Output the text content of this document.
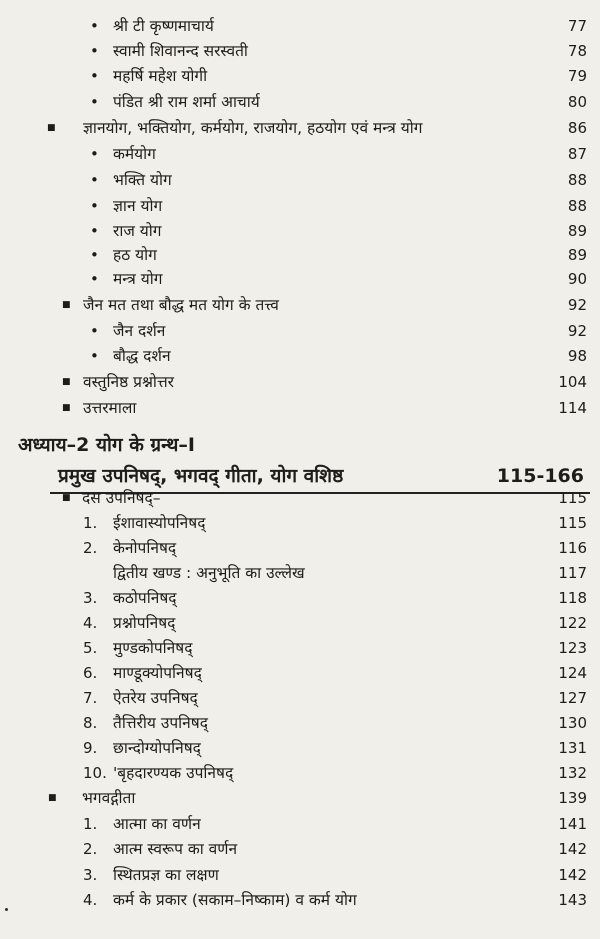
• श्री टी कृष्णमाचार्य	77
• स्वामी शिवानन्द सरस्वती	78
• महर्षि महेश योगी	79
• पंडित श्री राम शर्मा आचार्य	80
■ ज्ञानयोग, भक्तियोग, कर्मयोग, राजयोग, हठयोग एवं मन्त्र योग	86
• कर्मयोग	87
• भक्ति योग	88
• ज्ञान योग	88
• राज योग	89
• हठ योग	89
• मन्त्र योग	90
■ जैन मत तथा बौद्ध मत योग के तत्त्व	92
• जैन दर्शन	92
• बौद्ध दर्शन	98
■ वस्तुनिष्ठ प्रश्नोत्तर	104
■ उत्तरमाला	114
अध्याय–2 योग के ग्रन्थ–I
प्रमुख उपनिषद्, भगवद् गीता, योग वशिष्ठ	115-166
■ दस उपनिषद्–	115
1. ईशावास्योपनिषद्	115
2. केनोपनिषद्	116
द्वितीय खण्ड : अनुभूति का उल्लेख	117
3. कठोपनिषद्	118
4. प्रश्नोपनिषद्	122
5. मुण्डकोपनिषद्	123
6. माण्डूक्योपनिषद्	124
7. ऐतरेय उपनिषद्	127
8. तैत्तिरीय उपनिषद्	130
9. छान्दोग्योपनिषद्	131
10. 'बृहदारण्यक उपनिषद्	132
■ भगवद्गीता	139
1. आत्मा का वर्णन	141
2. आत्म स्वरूप का वर्णन	142
3. स्थितप्रज्ञ का लक्षण	142
4. कर्म के प्रकार (सकाम–निष्काम) व कर्म योग	143
